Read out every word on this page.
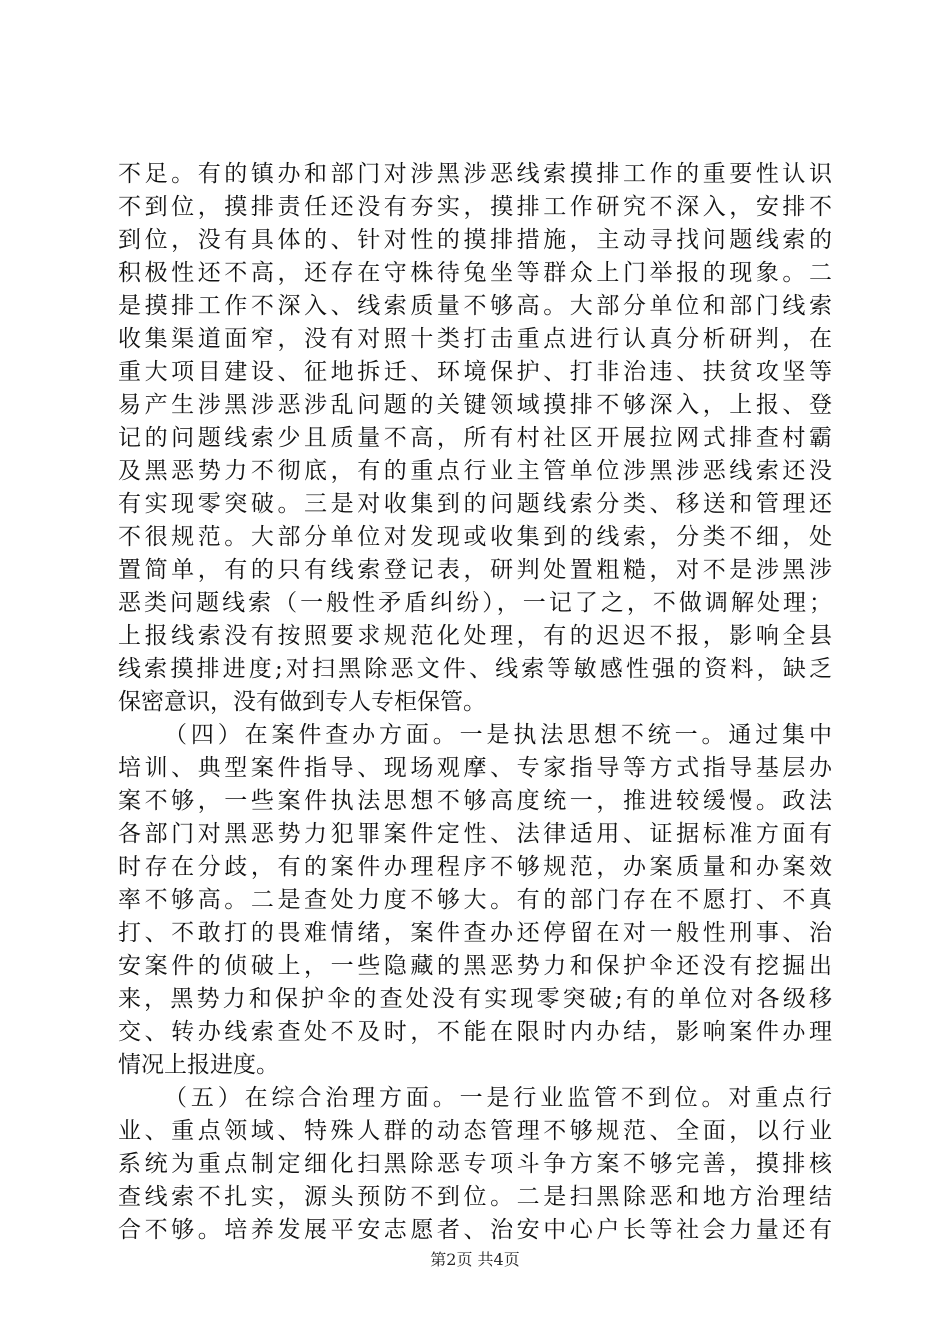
不足。有的镇办和部门对涉黑涉恶线索摸排工作的重要性认识
不到位，摸排责任还没有夯实，摸排工作研究不深入，安排不
到位，没有具体的、针对性的摸排措施，主动寻找问题线索的
积极性还不高，还存在守株待兔坐等群众上门举报的现象。二
是摸排工作不深入、线索质量不够高。大部分单位和部门线索
收集渠道面窄，没有对照十类打击重点进行认真分析研判，在
重大项目建设、征地拆迁、环境保护、打非治违、扶贫攻坚等
易产生涉黑涉恶涉乱问题的关键领域摸排不够深入，上报、登
记的问题线索少且质量不高，所有村社区开展拉网式排查村霸
及黑恶势力不彻底，有的重点行业主管单位涉黑涉恶线索还没
有实现零突破。三是对收集到的问题线索分类、移送和管理还
不很规范。大部分单位对发现或收集到的线索，分类不细，处
置简单，有的只有线索登记表，研判处置粗糙，对不是涉黑涉
恶类问题线索（一般性矛盾纠纷），一记了之，不做调解处理；
上报线索没有按照要求规范化处理，有的迟迟不报，影响全县
线索摸排进度;对扫黑除恶文件、线索等敏感性强的资料，缺乏
保密意识，没有做到专人专柜保管。
（四）在案件查办方面。一是执法思想不统一。通过集中
培训、典型案件指导、现场观摩、专家指导等方式指导基层办
案不够，一些案件执法思想不够高度统一，推进较缓慢。政法
各部门对黑恶势力犯罪案件定性、法律适用、证据标准方面有
时存在分歧，有的案件办理程序不够规范，办案质量和办案效
率不够高。二是查处力度不够大。有的部门存在不愿打、不真
打、不敢打的畏难情绪，案件查办还停留在对一般性刑事、治
安案件的侦破上，一些隐藏的黑恶势力和保护伞还没有挖掘出
来，黑势力和保护伞的查处没有实现零突破;有的单位对各级移
交、转办线索查处不及时，不能在限时内办结，影响案件办理
情况上报进度。
（五）在综合治理方面。一是行业监管不到位。对重点行
业、重点领域、特殊人群的动态管理不够规范、全面，以行业
系统为重点制定细化扫黑除恶专项斗争方案不够完善，摸排核
查线索不扎实，源头预防不到位。二是扫黑除恶和地方治理结
合不够。培养发展平安志愿者、治安中心户长等社会力量还有
第2页 共4页
